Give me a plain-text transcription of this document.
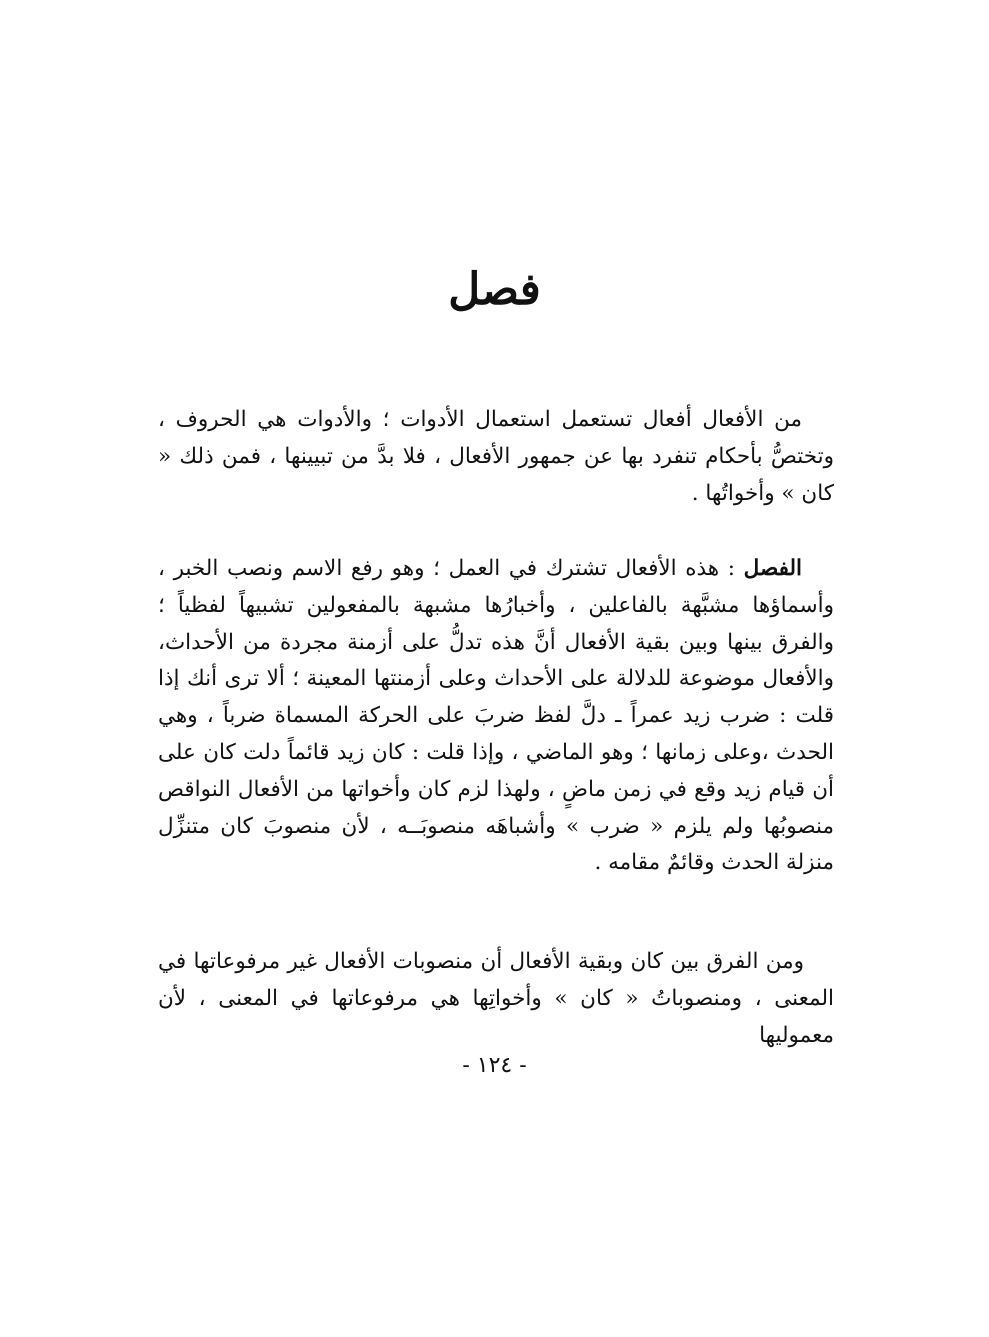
فصل

من الأفعال أفعال تستعمل استعمال الأدوات ؛ والأدوات هي الحروف ، وتختصُّ بأحكام تنفرد بها عن جمهور الأفعال ، فلا بدَّ من تبيينها ، فمن ذلك « كان » وأخواتُها .

الفصل : هذه الأفعال تشترك في العمل ؛ وهو رفع الاسم ونصب الخبر ، وأسماؤها مشبَّهة بالفاعلين ، وأخبارُها مشبهة بالمفعولين تشبيهاً لفظياً ؛ والفرق بينها وبين بقية الأفعال أنَّ هذه تدلُّ على أزمنة مجردة من الأحداث، والأفعال موضوعة للدلالة على الأحداث وعلى أزمنتها المعينة ؛ ألا ترى أنك إذا قلت : ضرب زيد عمراً ـ دلَّ لفظ ضربَ على الحركة المسماة ضرباً ، وهي الحدث ،وعلى زمانها ؛ وهو الماضي ، وإذا قلت : كان زيد قائماً دلت كان على أن قيام زيد وقع في زمن ماضٍ ، ولهذا لزم كان وأخواتها من الأفعال النواقص منصوبُها ولم يلزم « ضرب » وأشباهَه منصوبَــه ، لأن منصوبَ كان متنزِّل منزلة الحدث وقائمٌ مقامه .

ومن الفرق بين كان وبقية الأفعال أن منصوبات الأفعال غير مرفوعاتها في المعنى ، ومنصوباتُ « كان » وأخواتِها هي مرفوعاتها في المعنى ، لأن معموليها

- ١٢٤ -
